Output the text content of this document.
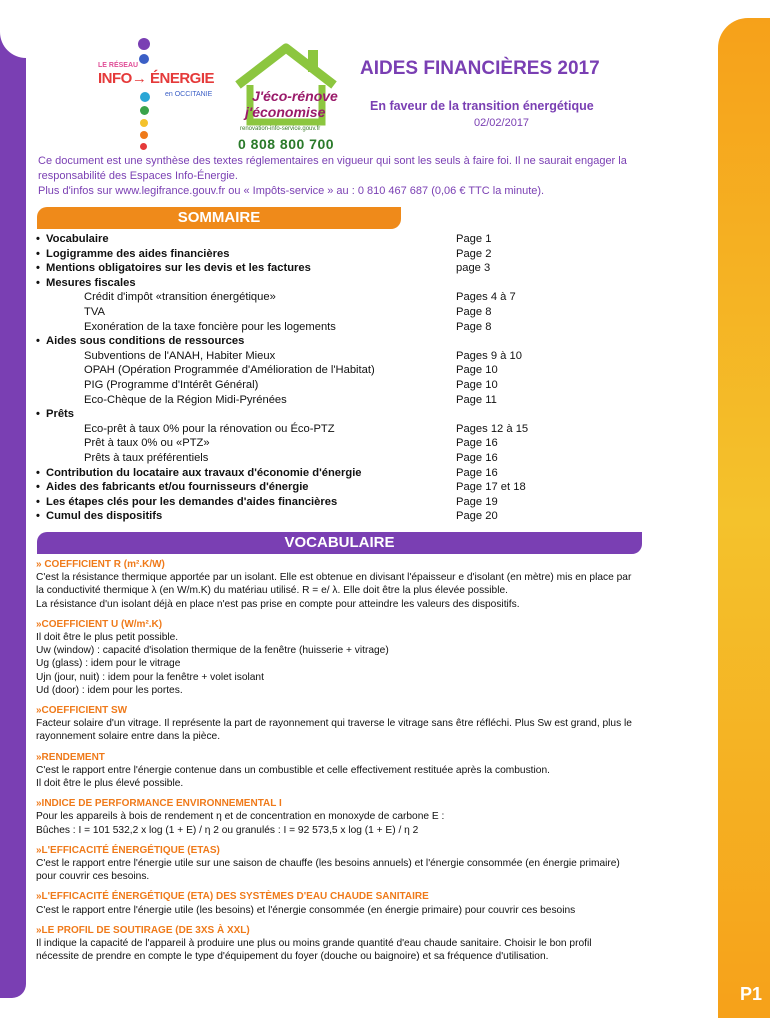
P1
LE RÉSEAU
INFO→ ÉNERGIE
en OCCITANIE	J'éco-rénove
j'économise
renovation-info-service.gouv.fr
0 808 800 700
AIDES FINANCIÈRES 2017
En faveur de la transition énergétique
02/02/2017

Ce document est une synthèse des textes réglementaires en vigueur qui sont les seuls à faire foi. Il ne saurait engager la responsabilité des Espaces Info-Énergie.

Plus d'infos sur www.legifrance.gouv.fr ou « Impôts-service » au : 0 810 467 687 (0,06 € TTC la minute).

SOMMAIRE
• Vocabulaire	Page 1
• Logigramme des aides financières	Page 2
• Mentions obligatoires sur les devis et les factures	page 3
• Mesures fiscales
Crédit d'impôt «transition énergétique»	Pages 4 à 7
TVA	Page 8
Exonération de la taxe foncière pour les logements	Page 8
• Aides sous conditions de ressources
Subventions de l'ANAH, Habiter Mieux	Pages 9 à 10
OPAH (Opération Programmée d'Amélioration de l'Habitat)	Page 10
PIG (Programme d'Intérêt Général)	Page 10
Eco-Chèque de la Région Midi-Pyrénées	Page 11
• Prêts
Eco-prêt à taux 0% pour la rénovation ou Éco-PTZ	Pages 12 à 15
Prêt à taux 0% ou «PTZ»	Page 16
Prêts à taux préférentiels	Page 16
• Contribution du locataire aux travaux d'économie d'énergie	Page 16
• Aides des fabricants et/ou fournisseurs d'énergie	Page 17 et 18
• Les étapes clés pour les demandes d'aides financières	Page 19
• Cumul des dispositifs	Page 20
VOCABULAIRE
» COEFFICIENT R (m².K/W)

C'est la résistance thermique apportée par un isolant. Elle est obtenue en divisant l'épaisseur e d'isolant (en mètre) mis en place par la conductivité thermique λ (en W/m.K) du matériau utilisé. R = e/ λ. Elle doit être la plus élevée possible.

La résistance d'un isolant déjà en place n'est pas prise en compte pour atteindre les valeurs des dispositifs.

»COEFFICIENT U (W/m².K)

Il doit être le plus petit possible.

Uw (window) : capacité d'isolation thermique de la fenêtre (huisserie + vitrage)

Ug (glass) : idem pour le vitrage

Ujn (jour, nuit) : idem pour la fenêtre + volet isolant

Ud (door) : idem pour les portes.

»COEFFICIENT SW

Facteur solaire d'un vitrage. Il représente la part de rayonnement qui traverse le vitrage sans être réfléchi. Plus Sw est grand, plus le rayonnement solaire entre dans la pièce.

»RENDEMENT

C'est le rapport entre l'énergie contenue dans un combustible et celle effectivement restituée après la combustion.

Il doit être le plus élevé possible.

»INDICE DE PERFORMANCE ENVIRONNEMENTAL I

Pour les appareils à bois de rendement η et de concentration en monoxyde de carbone E :

Bûches : I = 101 532,2 x log (1 + E) / η 2 ou granulés : I = 92 573,5 x log (1 + E) / η 2

»L'EFFICACITÉ ÉNERGÉTIQUE (ETAS)

C'est le rapport entre l'énergie utile sur une saison de chauffe (les besoins annuels) et l'énergie consommée (en énergie primaire) pour couvrir ces besoins.

»L'EFFICACITÉ ÉNERGÉTIQUE (ETA) DES SYSTÈMES D'EAU CHAUDE SANITAIRE

C'est le rapport entre l'énergie utile (les besoins) et l'énergie consommée (en énergie primaire) pour couvrir ces besoins

»LE PROFIL DE SOUTIRAGE (DE 3XS À XXL)

Il indique la capacité de l'appareil à produire une plus ou moins grande quantité d'eau chaude sanitaire. Choisir le bon profil nécessite de prendre en compte le type d'équipement du foyer (douche ou baignoire) et sa fréquence d'utilisation.
